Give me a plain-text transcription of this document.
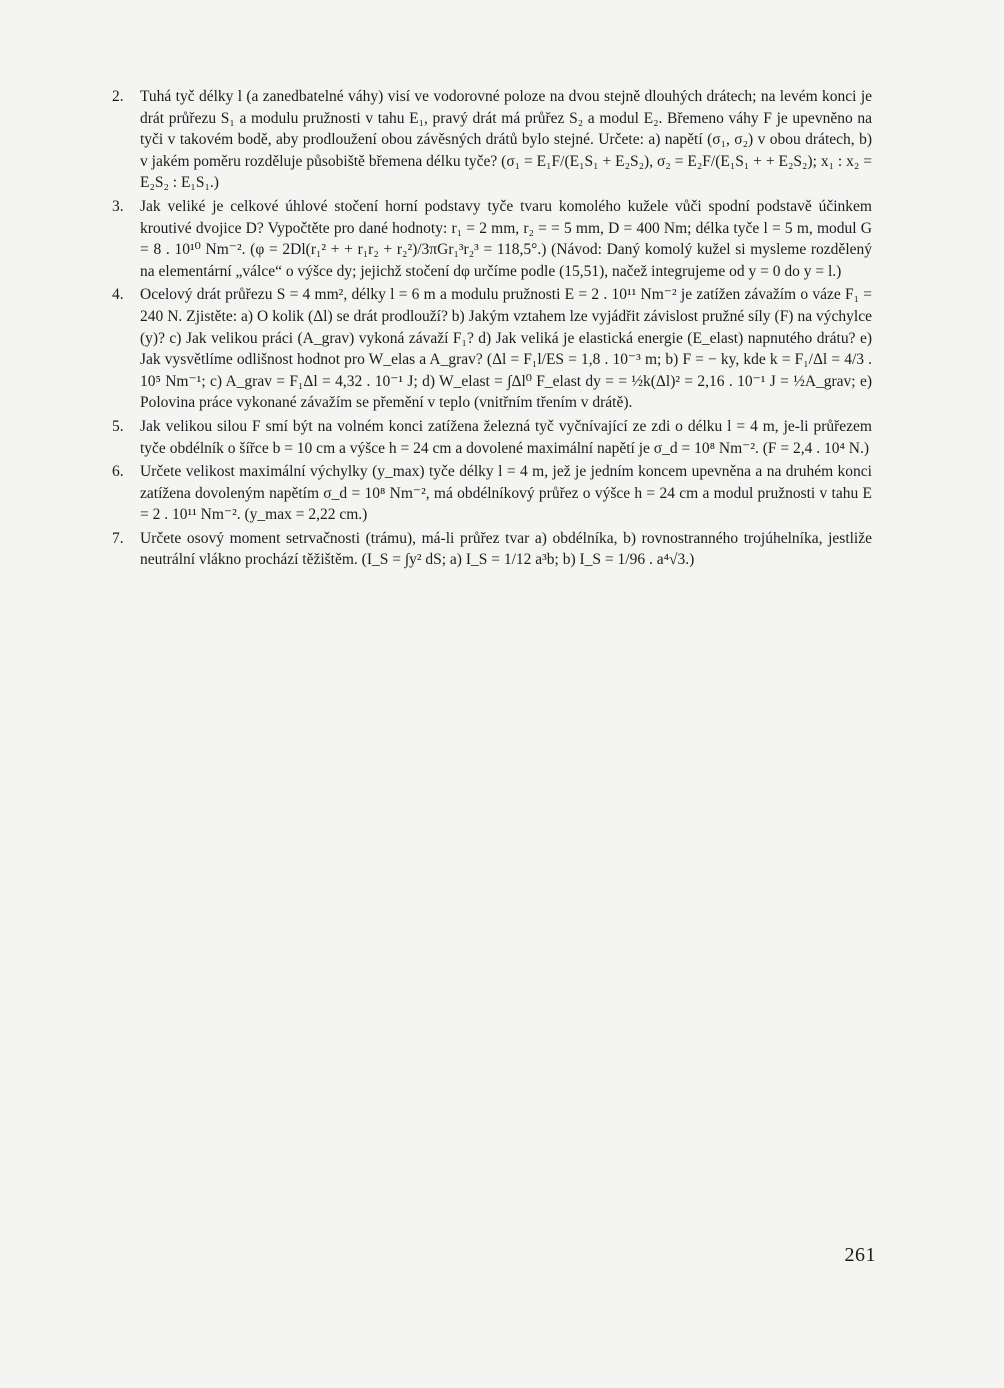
2. Tuhá tyč délky l (a zanedbatelné váhy) visí ve vodorovné poloze na dvou stejně dlouhých drátech; na levém konci je drát průřezu S₁ a modulu pružnosti v tahu E₁, pravý drát má průřez S₂ a modul E₂. Břemeno váhy F je upevněno na tyči v takovém bodě, aby prodloužení obou závěsných drátů bylo stejné. Určete: a) napětí (σ₁, σ₂) v obou drátech, b) v jakém poměru rozděluje působiště břemena délku tyče? (σ₁ = E₁F/(E₁S₁ + E₂S₂), σ₂ = E₂F/(E₁S₁ + + E₂S₂); x₁ : x₂ = E₂S₂ : E₁S₁.)
3. Jak veliké je celkové úhlové stočení horní podstavy tyče tvaru komolého kužele vůči spodní podstavě účinkem kroutivé dvojice D? Vypočtěte pro dané hodnoty: r₁ = 2 mm, r₂ = = 5 mm, D = 400 Nm; délka tyče l = 5 m, modul G = 8 . 10¹⁰ Nm⁻². (φ = 2Dl(r₁² + + r₁r₂ + r₂²)/3πGr₁³r₂³ = 118,5°.) (Návod: Daný komolý kužel si mysleme rozdělený na elementární „válce“ o výšce dy; jejichž stočení dφ určíme podle (15,51), načež integrujeme od y = 0 do y = l.)
4. Ocelový drát průřezu S = 4 mm², délky l = 6 m a modulu pružnosti E = 2 . 10¹¹ Nm⁻² je zatížen závažím o váze F₁ = 240 N. Zjistěte: a) O kolik (Δl) se drát prodlouží? b) Jakým vztahem lze vyjádřit závislost pružné síly (F) na výchylce (y)? c) Jak velikou práci (A_grav) vykoná závaží F₁? d) Jak veliká je elastická energie (E_elast) napnutého drátu? e) Jak vysvětlíme odlišnost hodnot pro W_elas a A_grav? (Δl = F₁l/ES = 1,8 . 10⁻³ m; b) F = − ky, kde k = F₁/Δl = 4/3 . 10⁵ Nm⁻¹; c) A_grav = F₁Δl = 4,32 . 10⁻¹ J; d) W_elast = ∫Δl⁰ F_elast dy = = ½k(Δl)² = 2,16 . 10⁻¹ J = ½A_grav; e) Polovina práce vykonané závažím se přemění v teplo (vnitřním třením v drátě).
5. Jak velikou silou F smí být na volném konci zatížena železná tyč vyčnívající ze zdi o délku l = 4 m, je-li průřezem tyče obdélník o šířce b = 10 cm a výšce h = 24 cm a dovolené maximální napětí je σ_d = 10⁸ Nm⁻². (F = 2,4 . 10⁴ N.)
6. Určete velikost maximální výchylky (y_max) tyče délky l = 4 m, jež je jedním koncem upevněna a na druhém konci zatížena dovoleným napětím σ_d = 10⁸ Nm⁻², má obdélníkový průřez o výšce h = 24 cm a modul pružnosti v tahu E = 2 . 10¹¹ Nm⁻². (y_max = 2,22 cm.)
7. Určete osový moment setrvačnosti (trámu), má-li průřez tvar a) obdélníka, b) rovnostranného trojúhelníka, jestliže neutrální vlákno prochází těžištěm. (I_S = ∫y² dS; a) I_S = 1/12 a³b; b) I_S = 1/96 . a⁴√3.)
261
